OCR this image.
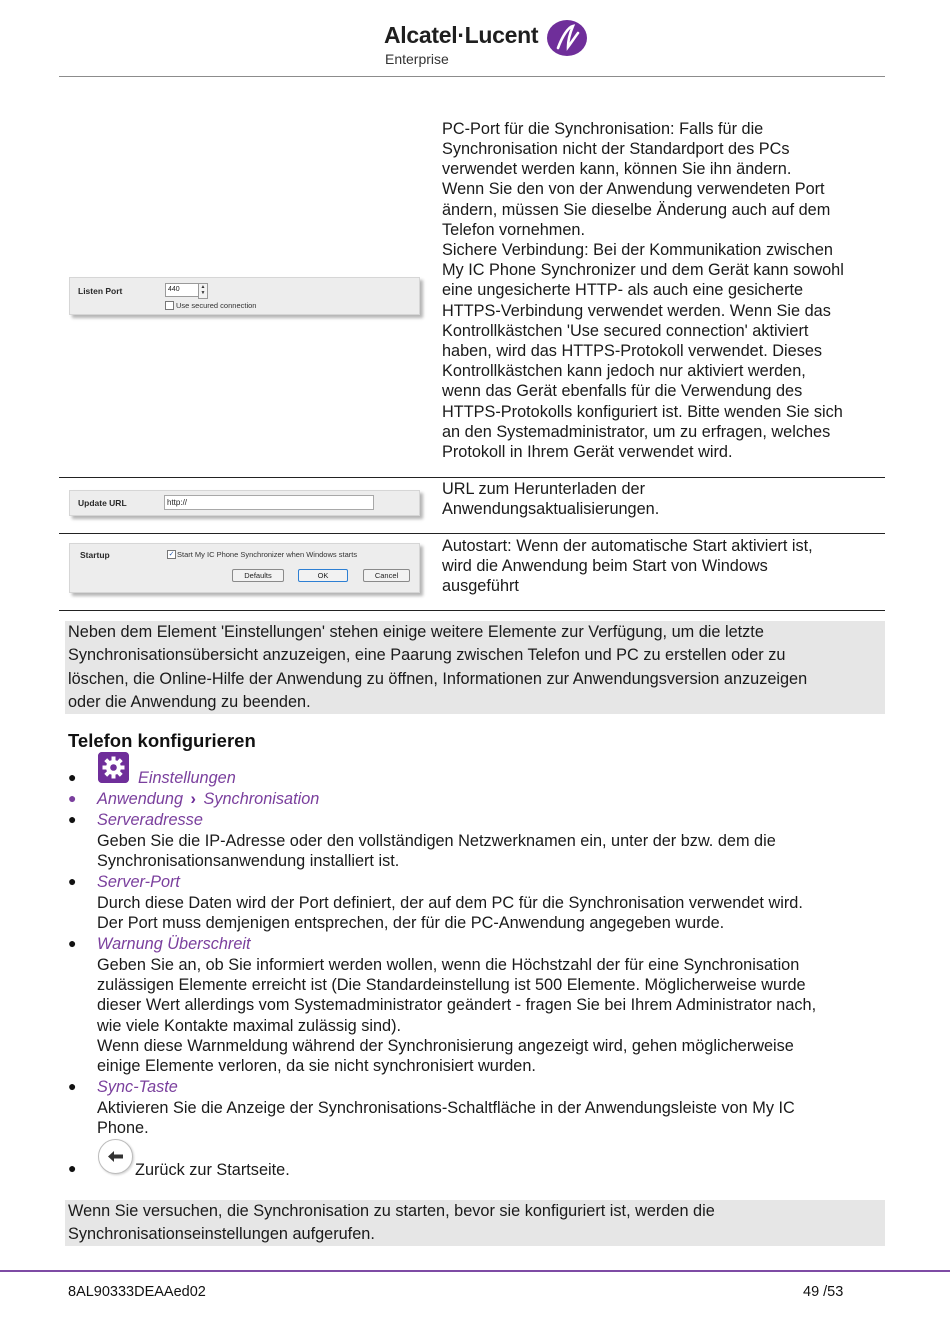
Alcatel·Lucent
Enterprise
Listen Port	440	▲
▼
Use secured connection
PC-Port für die Synchronisation: Falls für die
Synchronisation nicht der Standardport des PCs
verwendet werden kann, können Sie ihn ändern.
Wenn Sie den von der Anwendung verwendeten Port
ändern, müssen Sie dieselbe Änderung auch auf dem
Telefon vornehmen.
Sichere Verbindung: Bei der Kommunikation zwischen
My IC Phone Synchronizer und dem Gerät kann sowohl
eine ungesicherte HTTP- als auch eine gesicherte
HTTPS-Verbindung verwendet werden. Wenn Sie das
Kontrollkästchen 'Use secured connection' aktiviert
haben, wird das HTTPS-Protokoll verwendet. Dieses
Kontrollkästchen kann jedoch nur aktiviert werden,
wenn das Gerät ebenfalls für die Verwendung des
HTTPS-Protokolls konfiguriert ist. Bitte wenden Sie sich
an den Systemadministrator, um zu erfragen, welches
Protokoll in Ihrem Gerät verwendet wird.
Update URL	http://
URL zum Herunterladen der
Anwendungsaktualisierungen.
Startup	✓ Start My IC Phone Synchronizer when Windows starts
Defaults	OK	Cancel
Autostart: Wenn der automatische Start aktiviert ist,
wird die Anwendung beim Start von Windows
ausgeführt
Neben dem Element 'Einstellungen' stehen einige weitere Elemente zur Verfügung, um die letzte
Synchronisationsübersicht anzuzeigen, eine Paarung zwischen Telefon und PC zu erstellen oder zu
löschen, die Online-Hilfe der Anwendung zu öffnen, Informationen zur Anwendungsversion anzuzeigen
oder die Anwendung zu beenden.
Telefon konfigurieren
●	Einstellungen
● Anwendung › Synchronisation
● Serveradresse
Geben Sie die IP-Adresse oder den vollständigen Netzwerknamen ein, unter der bzw. dem die
Synchronisationsanwendung installiert ist.
● Server-Port
Durch diese Daten wird der Port definiert, der auf dem PC für die Synchronisation verwendet wird.
Der Port muss demjenigen entsprechen, der für die PC-Anwendung angegeben wurde.
● Warnung Überschreit
Geben Sie an, ob Sie informiert werden wollen, wenn die Höchstzahl der für eine Synchronisation
zulässigen Elemente erreicht ist (Die Standardeinstellung ist 500 Elemente. Möglicherweise wurde
dieser Wert allerdings vom Systemadministrator geändert - fragen Sie bei Ihrem Administrator nach,
wie viele Kontakte maximal zulässig sind).
Wenn diese Warnmeldung während der Synchronisierung angezeigt wird, gehen möglicherweise
einige Elemente verloren, da sie nicht synchronisiert wurden.
● Sync-Taste
Aktivieren Sie die Anzeige der Synchronisations-Schaltfläche in der Anwendungsleiste von My IC
Phone.
●	Zurück zur Startseite.
Wenn Sie versuchen, die Synchronisation zu starten, bevor sie konfiguriert ist, werden die
Synchronisationseinstellungen aufgerufen.
8AL90333DEAAed02	49 /53
